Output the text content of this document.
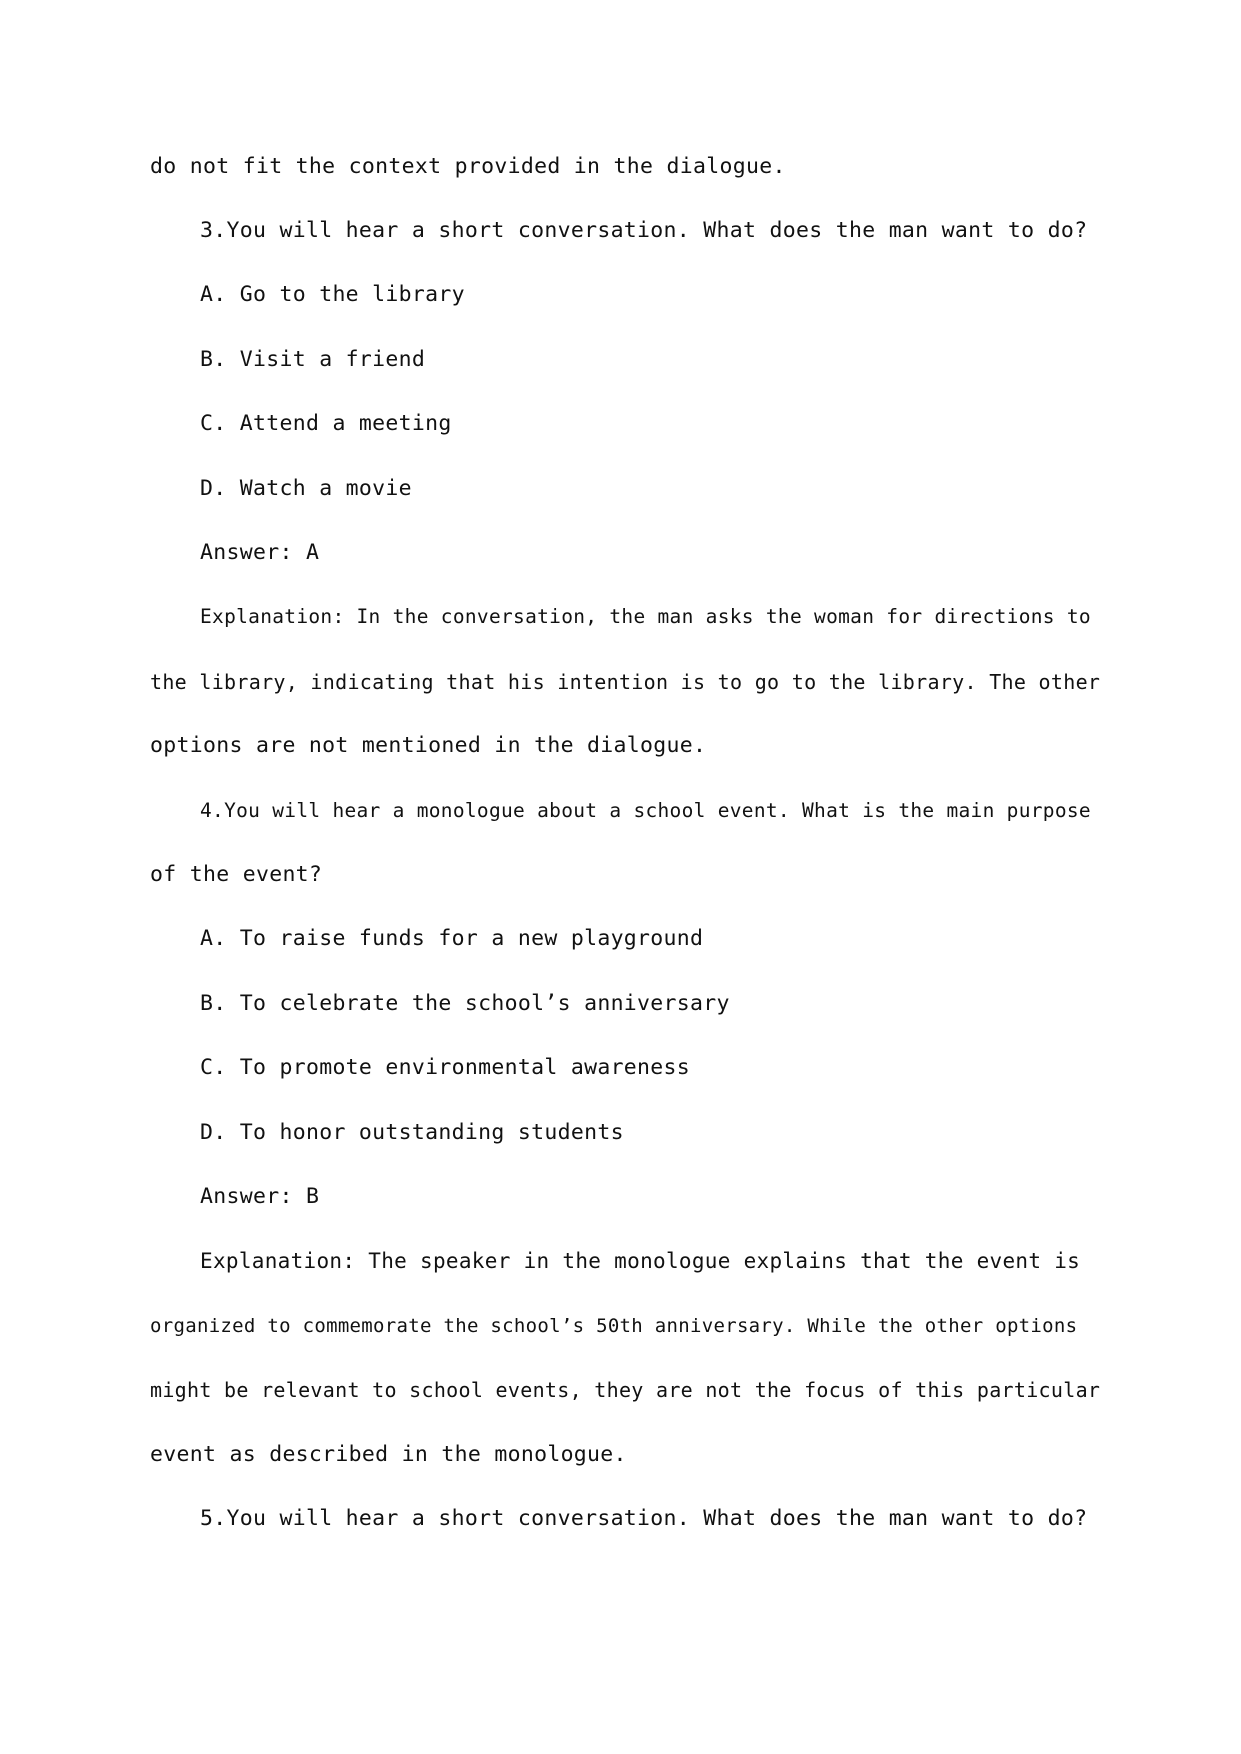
do not fit the context provided in the dialogue.
3.You will hear a short conversation. What does the man want to do?
A. Go to the library
B. Visit a friend
C. Attend a meeting
D. Watch a movie
Answer: A
Explanation: In the conversation, the man asks the woman for directions to
the library, indicating that his intention is to go to the library. The other
options are not mentioned in the dialogue.
4.You will hear a monologue about a school event. What is the main purpose
of the event?
A. To raise funds for a new playground
B. To celebrate the school’s anniversary
C. To promote environmental awareness
D. To honor outstanding students
Answer: B
Explanation: The speaker in the monologue explains that the event is
organized to commemorate the school’s 50th anniversary. While the other options
might be relevant to school events, they are not the focus of this particular
event as described in the monologue.
5.You will hear a short conversation. What does the man want to do?
